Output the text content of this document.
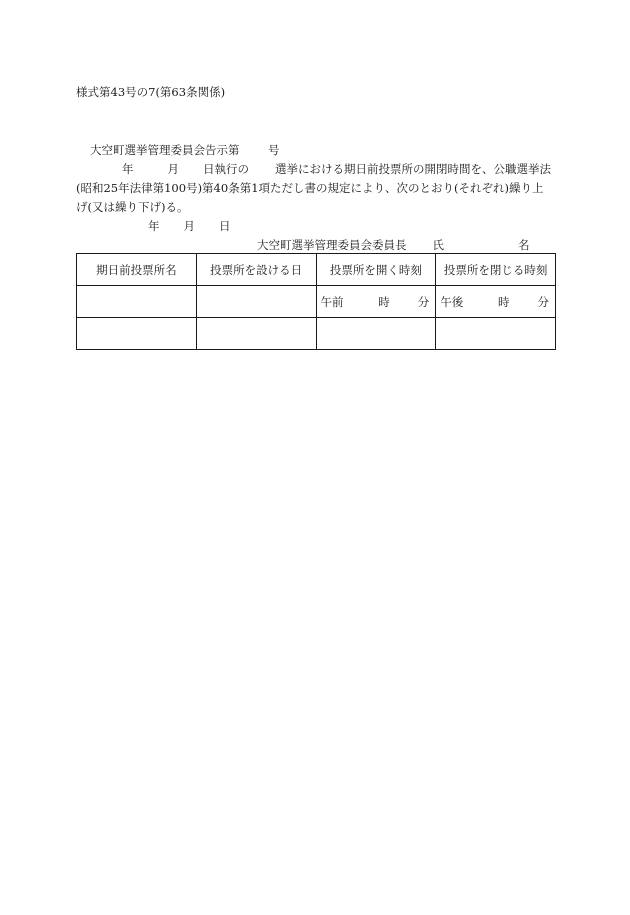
様式第43号の7(第63条関係)
大空町選挙管理委員会告示第 号
年	月 日執行の 選挙における期日前投票所の開閉時間を、公職選挙法
(昭和25年法律第100号)第40条第1項ただし書の規定により、次のとおり(それぞれ)繰り上
げ(又は繰り下げ)る。
年 月 日
大空町選挙管理委員会委員長 氏	名
期日前投票所名	投票所を設ける日	投票所を開く時刻	投票所を閉じる時刻

		午前 時 分	午後 時 分
